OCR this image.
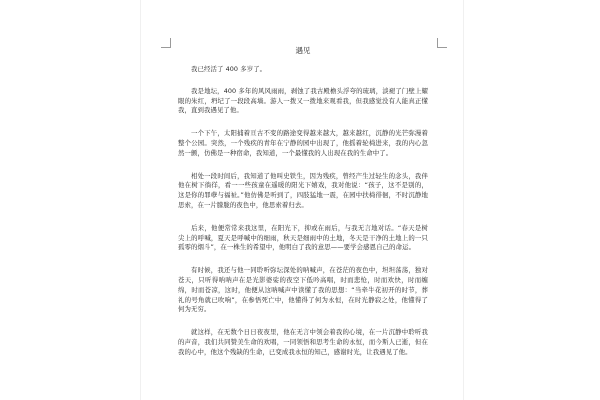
遇见

我已经活了 400 多岁了。

我是地坛，400 多年的风风雨雨，剥蚀了我古殿檐头浮夸的琉璃，淡褪了门壁上耀眼的朱红，坍圮了一段段高墙。游人一拨又一拨地来观看我，但我感觉没有人能真正懂我，直到我遇见了他。

一个下午，太阳捕着亘古不变的路途变得越来越大，越来越红，沉静的光芒弥漫着整个公园。突然，一个残疾的青年在宁静的园中出现了，他摇着轮椅进来，我的内心忽然一颤，仿佛是一种宿命，我知道，一个最懂我的人出现在我的生命中了。

相处一段时间后，我知道了他叫史铁生，因为残疾，曾经产生过轻生的念头，我伴他在树下徜徉，看一一些孩童在遥暖的阳光下嬉戏，我对他说：“孩子，这不是别的，这是你的罪孽与福祉。”他仿佛是听到了，四肢猛地一震，在园中扶椅徘徊，不时沉静地思索，在一片朦胧的夜色中，他思索着归去。

后来，他便常常来我这里，在阳光下，抑或在雨后，与我无言地对话。“春天是树尖上的呼喊，夏天是呼喊中的细雨，秋天是细雨中的土地，冬天是干净的土地上的一只孤零的烟斗”，在一株生的希望中，他明白了我的意思——要学会感恩自己的命运。

有时候，我还与他一同聆听弥坛深处的呐喊声，在苍茫的夜色中，坦坦荡荡，独对苍天，只听得呐呐声在是光影婆娑的夜空下低吟高唱，时而悲怆，时而欢快，时而缠绵，时而苍凉，这时，他便从这呐喊声中读懂了我的思想：“当牵牛花初开的时节，葬礼的号角就已吹响”，在参悟死亡中，他懂得了何为永恒，在时光静寂之处，他懂得了何为无穷。

就这样，在无数个日日夜夜里，他在无言中领会着我的心境，在一片沉静中聆听我的声音，我们共同赞美生命的欢唱，一同领悟和思考生命的永恒，而今斯人已逝，但在我的心中，他这个残缺的生命，已变成我永恒的知己，感谢时光，让我遇见了他。
